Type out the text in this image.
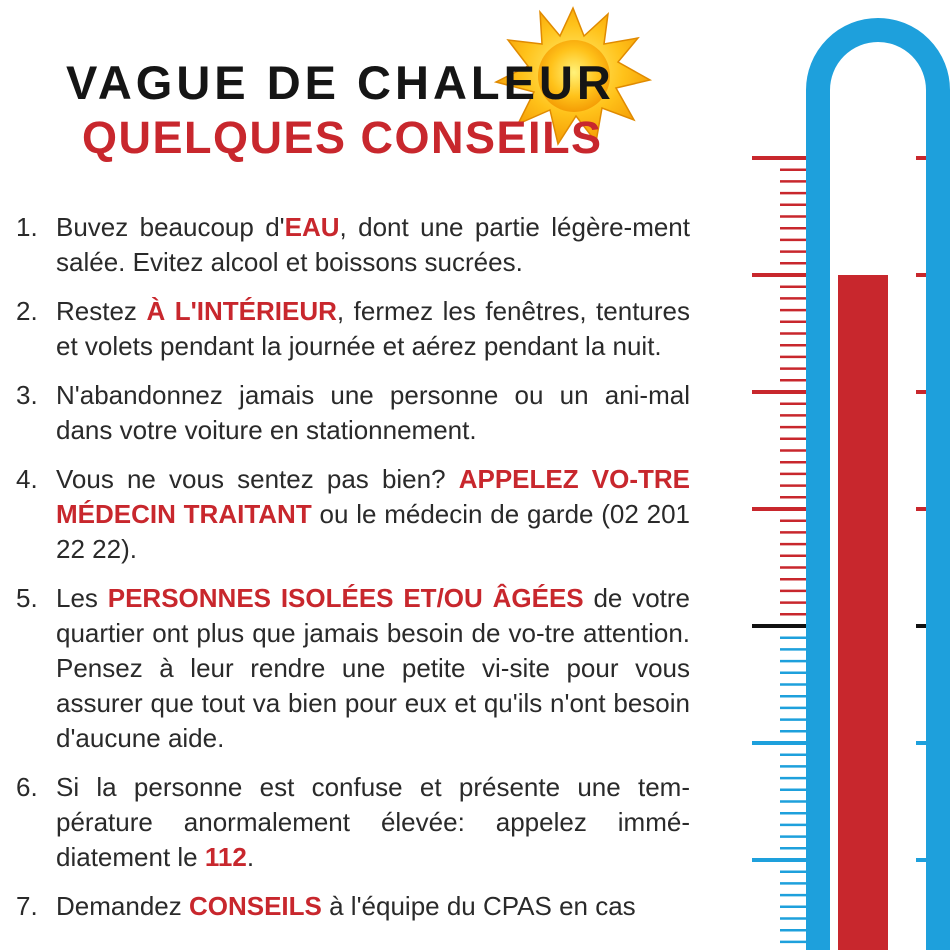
VAGUE DE CHALEUR
QUELQUES CONSEILS
1. Buvez beaucoup d'EAU, dont une partie légère-ment salée. Evitez alcool et boissons sucrées.
2. Restez À L'INTÉRIEUR, fermez les fenêtres, tentures et volets pendant la journée et aérez pendant la nuit.
3. N'abandonnez jamais une personne ou un ani-mal dans votre voiture en stationnement.
4. Vous ne vous sentez pas bien? APPELEZ VO-TRE MÉDECIN TRAITANT ou le médecin de garde (02 201 22 22).
5. Les PERSONNES ISOLÉES ET/OU ÂGÉES de votre quartier ont plus que jamais besoin de vo-tre attention. Pensez à leur rendre une petite vi-site pour vous assurer que tout va bien pour eux et qu'ils n'ont besoin d'aucune aide.
6. Si la personne est confuse et présente une tem-pérature anormalement élevée: appelez immé-diatement le 112.
7. Demandez CONSEILS à l'équipe du CPAS en cas
